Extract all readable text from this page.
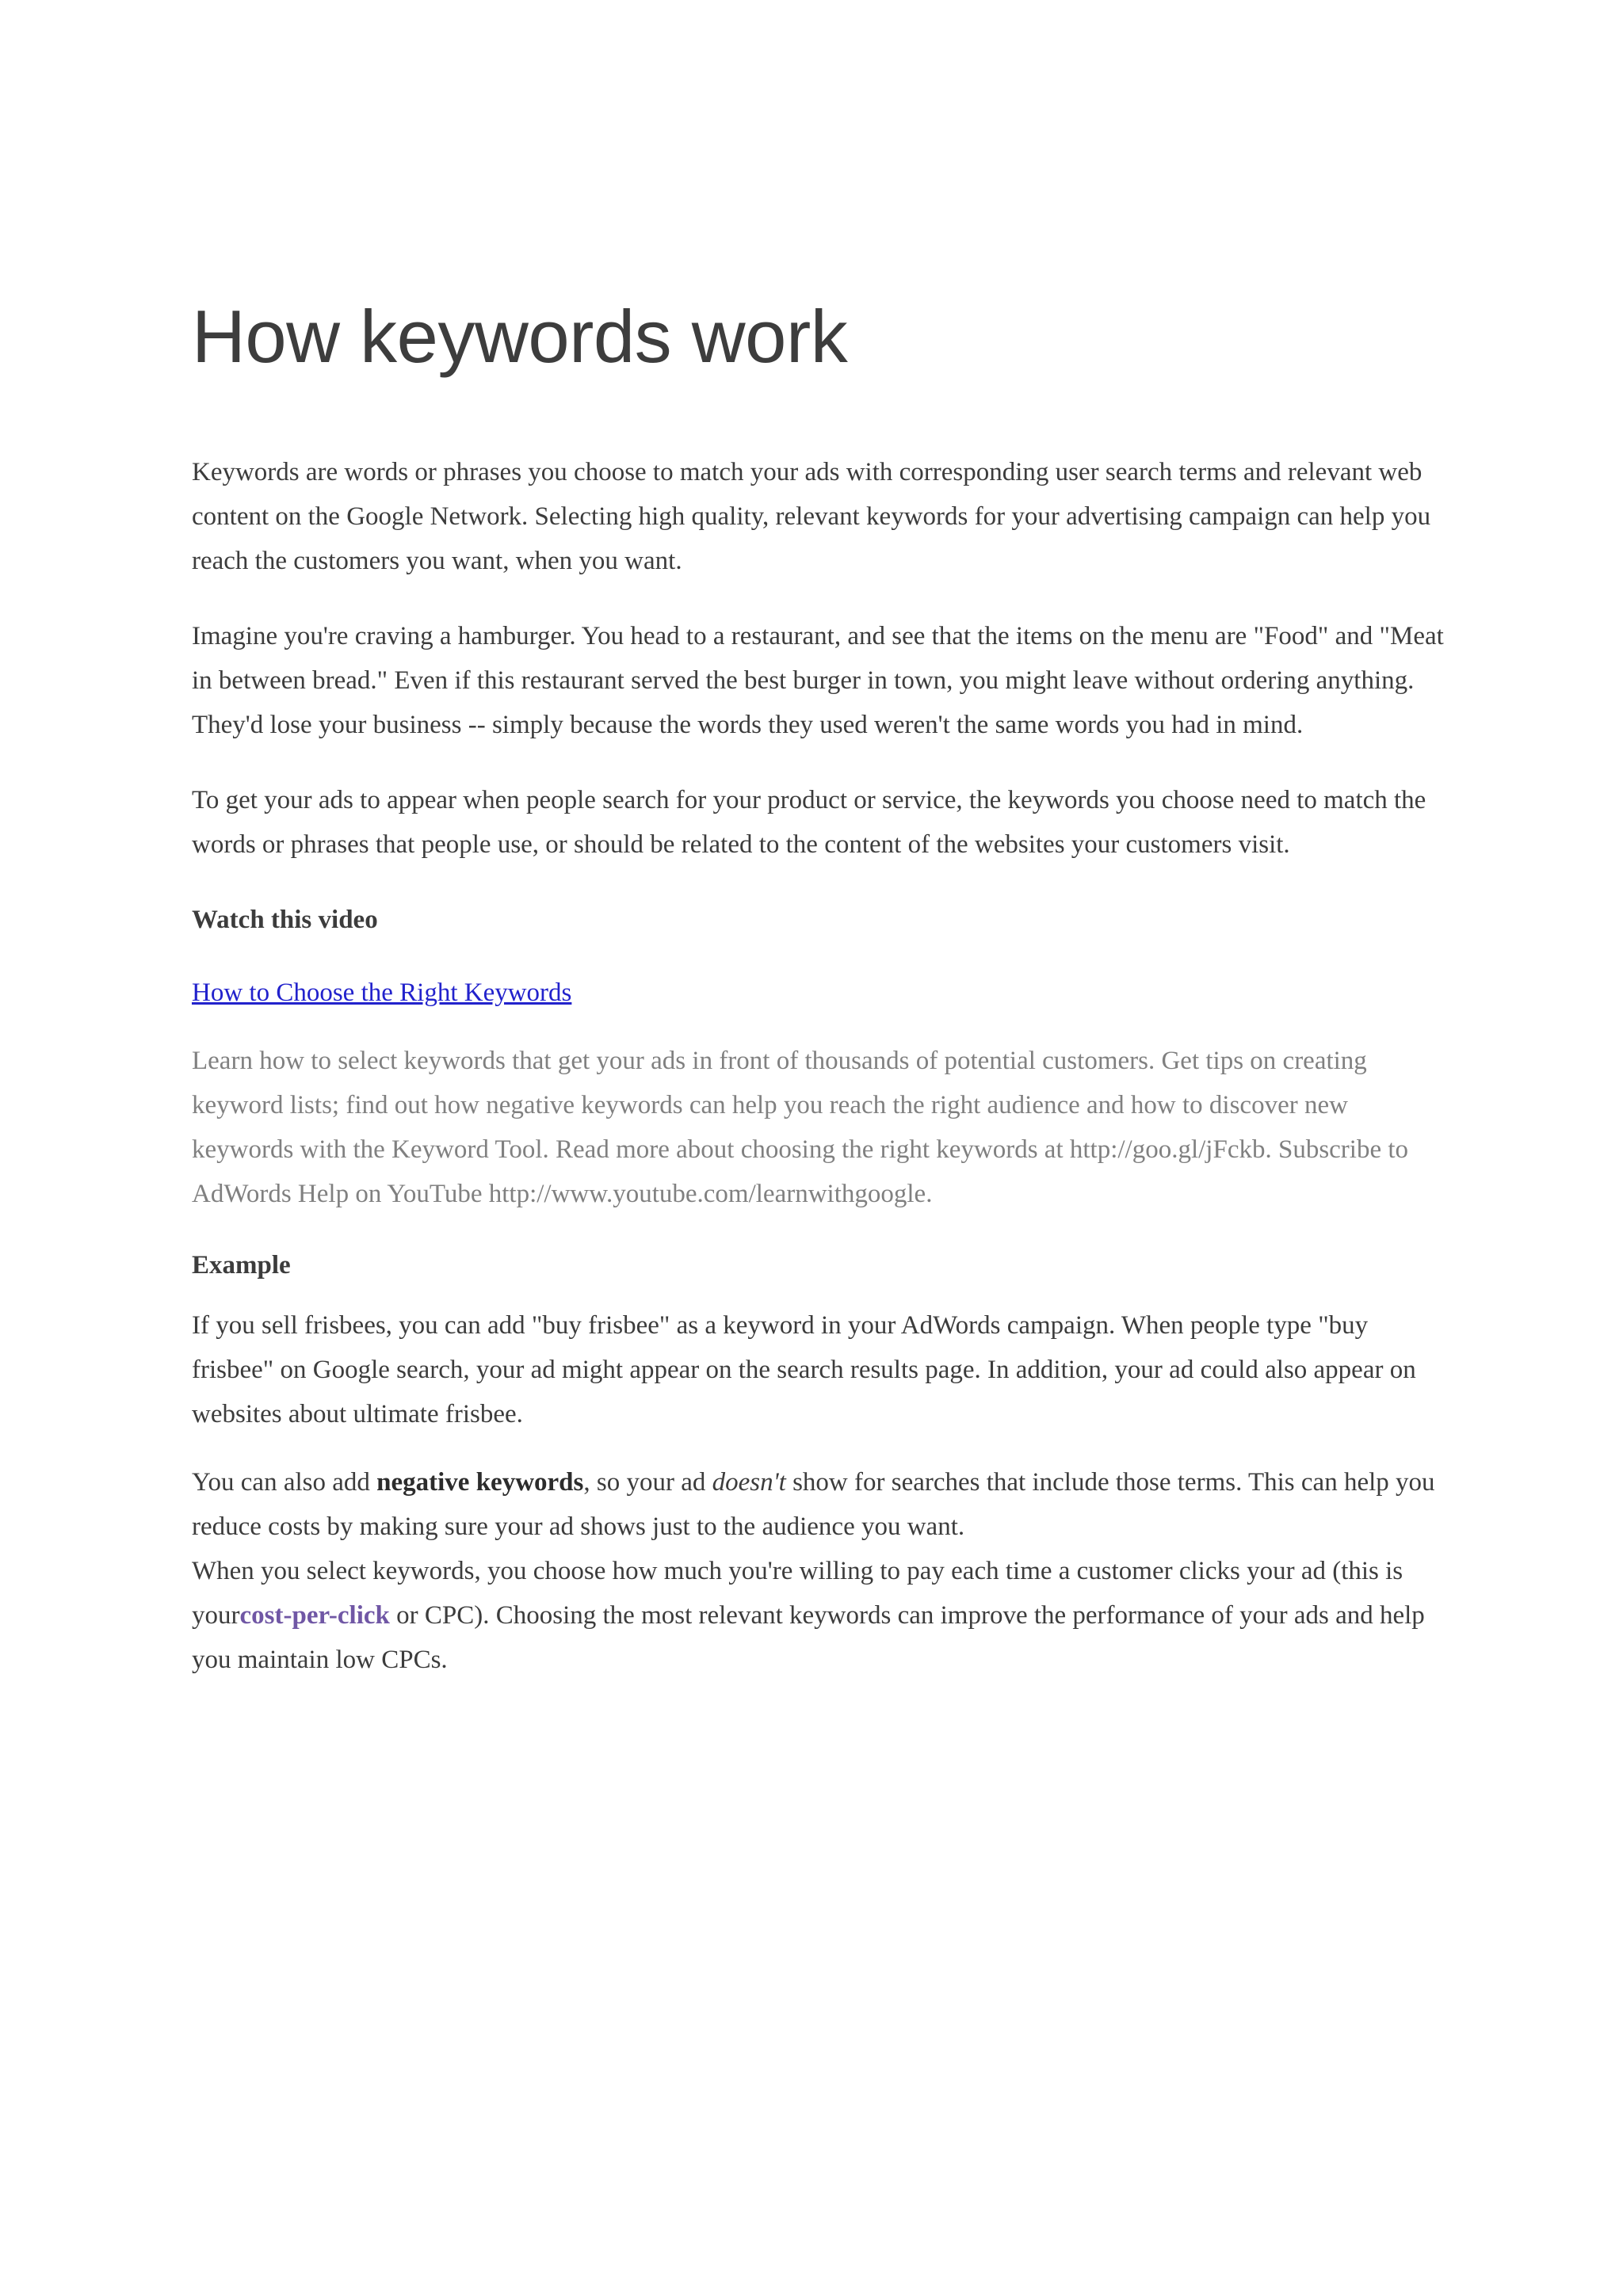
How keywords work

Keywords are words or phrases you choose to match your ads with corresponding user search terms and relevant web content on the Google Network. Selecting high quality, relevant keywords for your advertising campaign can help you reach the customers you want, when you want.

Imagine you're craving a hamburger. You head to a restaurant, and see that the items on the menu are "Food" and "Meat in between bread." Even if this restaurant served the best burger in town, you might leave without ordering anything. They'd lose your business -- simply because the words they used weren't the same words you had in mind.

To get your ads to appear when people search for your product or service, the keywords you choose need to match the words or phrases that people use, or should be related to the content of the websites your customers visit.

Watch this video

How to Choose the Right Keywords

Learn how to select keywords that get your ads in front of thousands of potential customers. Get tips on creating keyword lists; find out how negative keywords can help you reach the right audience and how to discover new keywords with the Keyword Tool. Read more about choosing the right keywords at http://goo.gl/jFckb. Subscribe to AdWords Help on YouTube http://www.youtube.com/learnwithgoogle.

Example

If you sell frisbees, you can add "buy frisbee" as a keyword in your AdWords campaign. When people type "buy frisbee" on Google search, your ad might appear on the search results page. In addition, your ad could also appear on websites about ultimate frisbee.

You can also add negative keywords, so your ad doesn't show for searches that include those terms. This can help you reduce costs by making sure your ad shows just to the audience you want.

When you select keywords, you choose how much you're willing to pay each time a customer clicks your ad (this is yourcost-per-click or CPC). Choosing the most relevant keywords can improve the performance of your ads and help you maintain low CPCs.
